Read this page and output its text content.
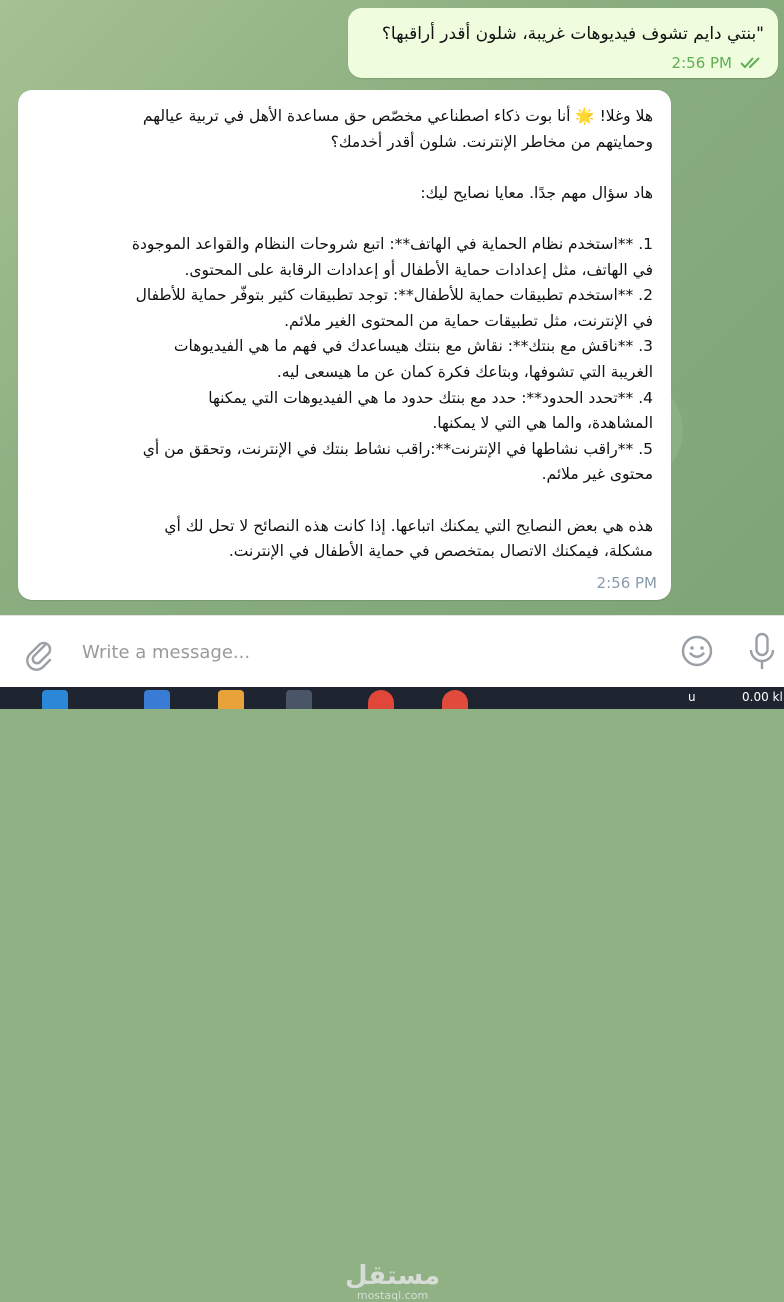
"بنتي دايم تشوف فيديوهات غريبة، شلون أقدر أراقبها؟
2:56 PM

هلا وغلا! 🌟 أنا بوت ذكاء اصطناعي مخصّص حق مساعدة الأهل في تربية عيالهم

وحمايتهم من مخاطر الإنترنت. شلون أقدر أخدمك؟

هاد سؤال مهم جدًا. معايا نصايح ليك:

1. **استخدم نظام الحماية في الهاتف**: اتبع شروحات النظام والقواعد الموجودة

في الهاتف، مثل إعدادات حماية الأطفال أو إعدادات الرقابة على المحتوى.

2. **استخدم تطبيقات حماية للأطفال**: توجد تطبيقات كثير بتوفّر حماية للأطفال

في الإنترنت، مثل تطبيقات حماية من المحتوى الغير ملائم.

3. **ناقش مع بنتك**: نقاش مع بنتك هيساعدك في فهم ما هي الفيديوهات

الغريبة التي تشوفها، وبتاعك فكرة كمان عن ما هيسعى ليه.

4. **تحدد الحدود**: حدد مع بنتك حدود ما هي الفيديوهات التي يمكنها

المشاهدة، والما هي التي لا يمكنها.

5. **راقب نشاطها في الإنترنت**:راقب نشاط بنتك في الإنترنت، وتحقق من أي

محتوى غير ملائم.

هذه هي بعض النصايح التي يمكنك اتباعها. إذا كانت هذه النصائح لا تحل لك أي

مشكلة، فيمكنك الاتصال بمتخصص في حماية الأطفال في الإنترنت.

2:56 PM
Write a message...
مستقل
mostaql.com
u	0.00 kl
